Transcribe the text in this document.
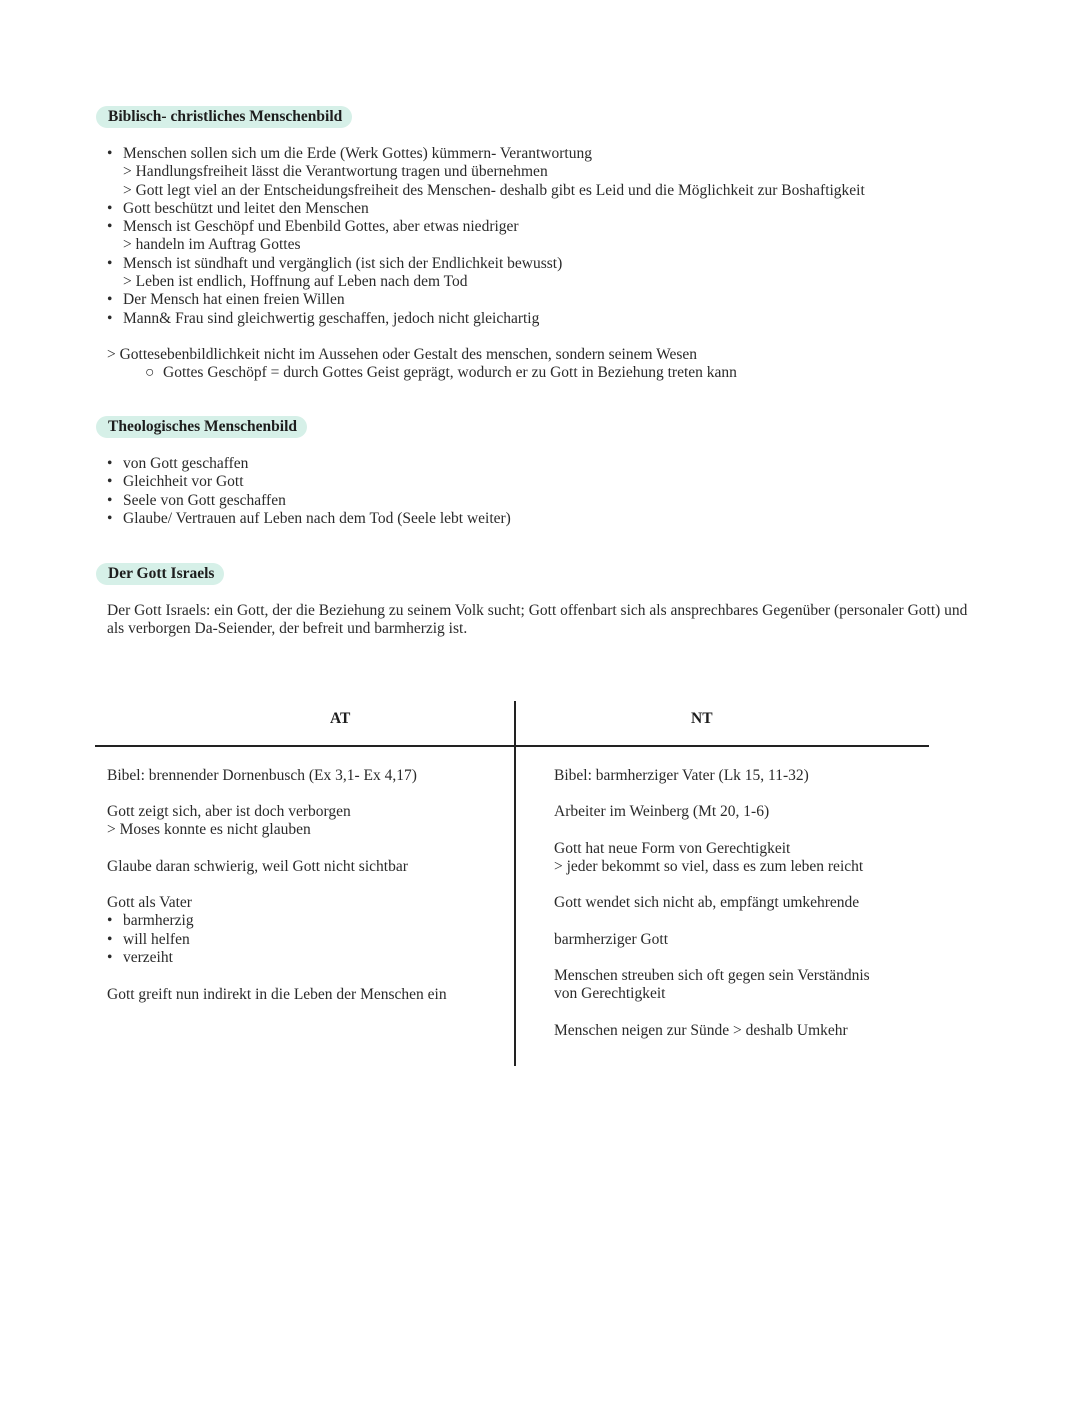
Biblisch- christliches Menschenbild
• Menschen sollen sich um die Erde (Werk Gottes) kümmern- Verantwortung
> Handlungsfreiheit lässt die Verantwortung tragen und übernehmen
> Gott legt viel an der Entscheidungsfreiheit des Menschen- deshalb gibt es Leid und die Möglichkeit zur Boshaftigkeit
• Gott beschützt und leitet den Menschen
• Mensch ist Geschöpf und Ebenbild Gottes, aber etwas niedriger
> handeln im Auftrag Gottes
• Mensch ist sündhaft und vergänglich (ist sich der Endlichkeit bewusst)
> Leben ist endlich, Hoffnung auf Leben nach dem Tod
• Der Mensch hat einen freien Willen
• Mann& Frau sind gleichwertig geschaffen, jedoch nicht gleichartig
> Gottesebenbildlichkeit nicht im Aussehen oder Gestalt des menschen, sondern seinem Wesen
○ Gottes Geschöpf = durch Gottes Geist geprägt, wodurch er zu Gott in Beziehung treten kann
Theologisches Menschenbild
• von Gott geschaffen
• Gleichheit vor Gott
• Seele von Gott geschaffen
• Glaube/ Vertrauen auf Leben nach dem Tod (Seele lebt weiter)
Der Gott Israels
Der Gott Israels: ein Gott, der die Beziehung zu seinem Volk sucht; Gott offenbart sich als ansprechbares Gegenüber (personaler Gott) und als verborgen Da-Seiender, der befreit und barmherzig ist.
AT	NT
Bibel: brennender Dornenbusch (Ex 3,1- Ex 4,17)
Gott zeigt sich, aber ist doch verborgen
> Moses konnte es nicht glauben
Glaube daran schwierig, weil Gott nicht sichtbar
Gott als Vater
• barmherzig
• will helfen
• verzeiht
Gott greift nun indirekt in die Leben der Menschen ein
Bibel: barmherziger Vater (Lk 15, 11-32)
Arbeiter im Weinberg (Mt 20, 1-6)
Gott hat neue Form von Gerechtigkeit
> jeder bekommt so viel, dass es zum leben reicht
Gott wendet sich nicht ab, empfängt umkehrende
barmherziger Gott
Menschen streuben sich oft gegen sein Verständnis
von Gerechtigkeit
Menschen neigen zur Sünde > deshalb Umkehr
